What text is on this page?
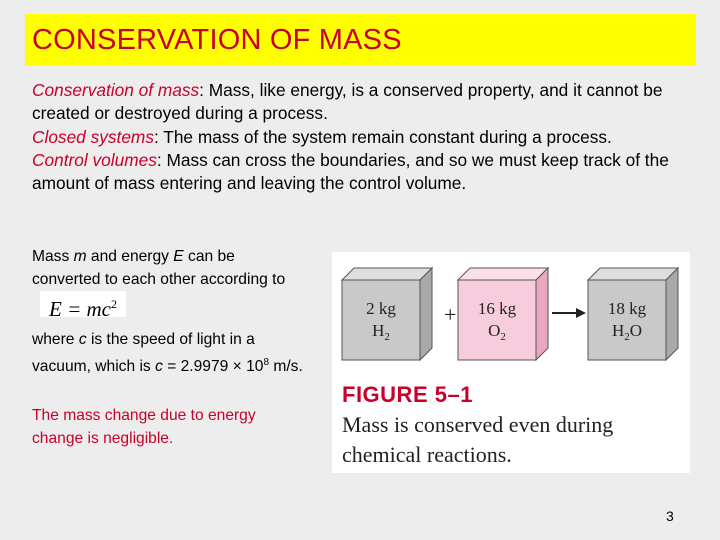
CONSERVATION OF MASS

Conservation of mass: Mass, like energy, is a conserved property, and it cannot be created or destroyed during a process.

Closed systems: The mass of the system remain constant during a process.

Control volumes: Mass can cross the boundaries, and so we must keep track of the amount of mass entering and leaving the control volume.

Mass m and energy E can be converted to each other according toE = $mc^2$

where c is the speed of light in a vacuum, which is $c = 2.9979 \times 10^8$ m/s.

The mass change due to energy change is negligible.

2 kg
$H_2$
+ 16 kg
$O_2$
18 kg
$H_2O$
FIGURE 5–1
Mass is conserved even during chemical reactions.
3
